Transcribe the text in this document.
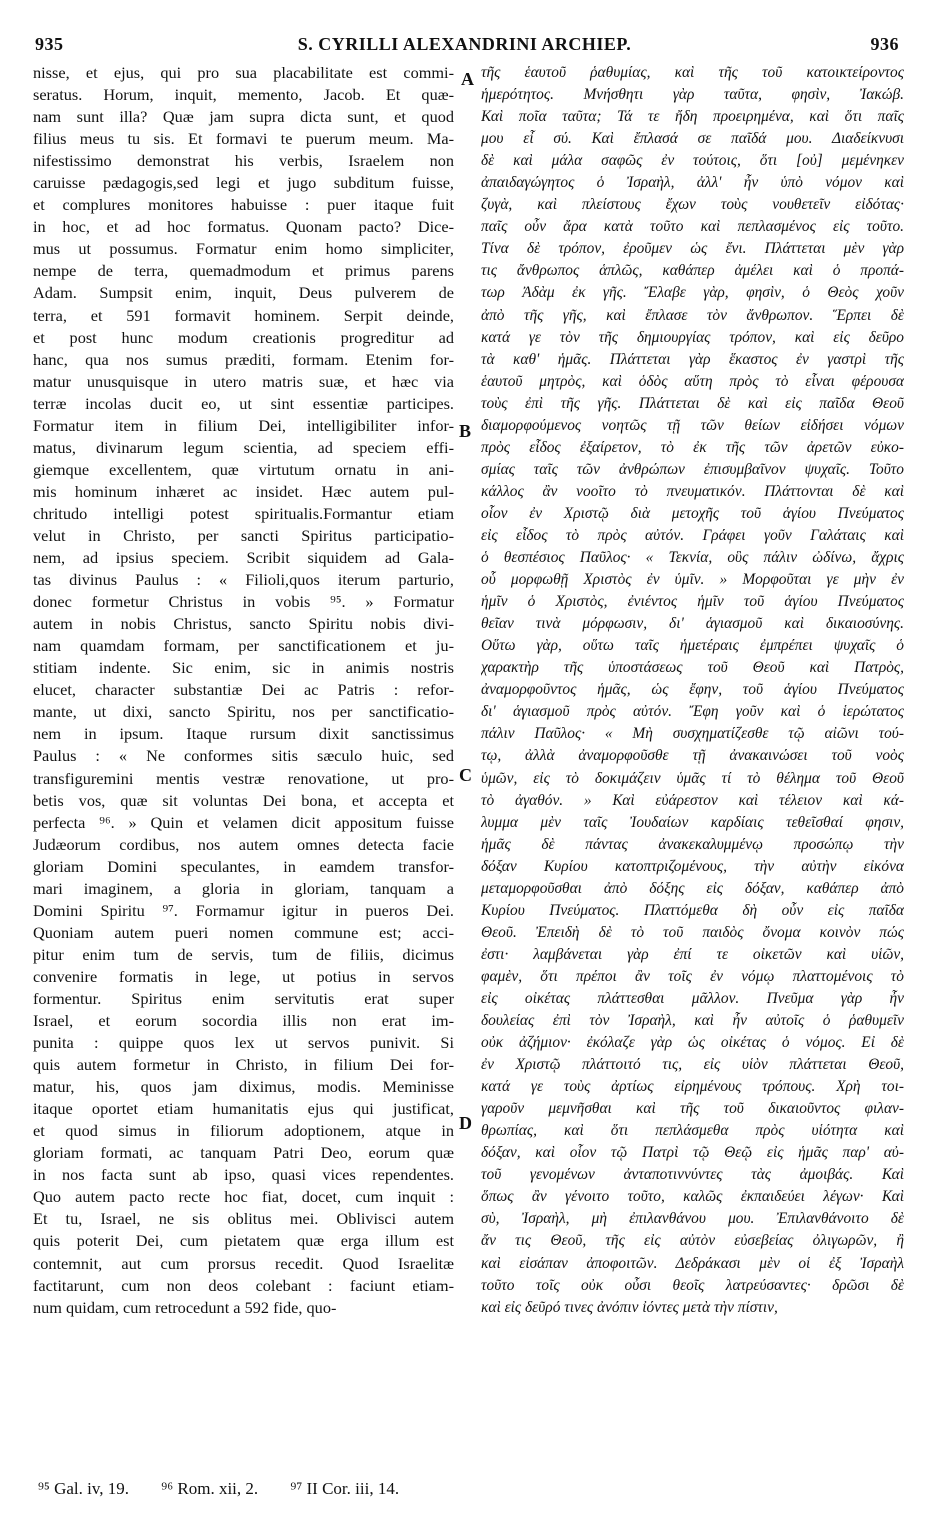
935	S. CYRILLI ALEXANDRINI ARCHIEP.	936
nisse, et ejus, qui pro sua placabilitate est commi-
seratus. Horum, inquit, memento, Jacob. Et quæ-
nam sunt illa? Quæ jam supra dicta sunt, et quod
filius meus tu sis. Et formavi te puerum meum. Ma-
nifestissimo demonstrat his verbis, Israelem non
caruisse pædagogis,sed legi et jugo subditum fuisse,
et complures monitores habuisse : puer itaque fuit
in hoc, et ad hoc formatus. Quonam pacto? Dice-
mus ut possumus. Formatur enim homo simpliciter,
nempe de terra, quemadmodum et primus parens
Adam. Sumpsit enim, inquit, Deus pulverem de
terra, et 591 formavit hominem. Serpit deinde,
et post hunc modum creationis progreditur ad
hanc, qua nos sumus præditi, formam. Etenim for-
matur unusquisque in utero matris suæ, et hæc via
terræ incolas ducit eo, ut sint essentiæ participes.
Formatur item in filium Dei, intelligibiliter infor-
matus, divinarum legum scientia, ad speciem effi-
giemque excellentem, quæ virtutum ornatu in ani-
mis hominum inhæret ac insidet. Hæc autem pul-
chritudo intelligi potest spiritualis.Formantur etiam
velut in Christo, per sancti Spiritus participatio-
nem, ad ipsius speciem. Scribit siquidem ad Gala-
tas divinus Paulus : « Filioli,quos iterum parturio,
donec formetur Christus in vobis ⁹⁵. » Formatur
autem in nobis Christus, sancto Spiritu nobis divi-
nam quamdam formam, per sanctificationem et ju-
stitiam indente. Sic enim, sic in animis nostris
elucet, character substantiæ Dei ac Patris : refor-
mante, ut dixi, sancto Spiritu, nos per sanctificatio-
nem in ipsum. Itaque rursum dixit sanctissimus
Paulus : « Ne conformes sitis sæculo huic, sed
transfiguremini mentis vestræ renovatione, ut pro-
betis vos, quæ sit voluntas Dei bona, et accepta et
perfecta ⁹⁶. » Quin et velamen dicit appositum fuisse
Judæorum cordibus, nos autem omnes detecta facie
gloriam Domini speculantes, in eamdem transfor-
mari imaginem, a gloria in gloriam, tanquam a
Domini Spiritu ⁹⁷. Formamur igitur in pueros Dei.
Quoniam autem pueri nomen commune est; acci-
pitur enim tum de servis, tum de filiis, dicimus
convenire formatis in lege, ut potius in servos
formentur. Spiritus enim servitutis erat super
Israel, et eorum socordia illis non erat im-
punita : quippe quos lex ut servos punivit. Si
quis autem formetur in Christo, in filium Dei for-
matur, his, quos jam diximus, modis. Meminisse
itaque oportet etiam humanitatis ejus qui justificat,
et quod simus in filiorum adoptionem, atque in
gloriam formati, ac tanquam Patri Deo, eorum quæ
in nos facta sunt ab ipso, quasi vices rependentes.
Quo autem pacto recte hoc fiat, docet, cum inquit :
Et tu, Israel, ne sis oblitus mei. Oblivisci autem
quis poterit Dei, cum pietatem quæ erga illum est
contemnit, aut cum prorsus recedit. Quod Israelitæ
factitarunt, cum non deos colebant : faciunt etiam-
num quidam, cum retrocedunt a 592 fide, quo-
τῆς ἑαυτοῦ ῥαθυμίας, καὶ τῆς τοῦ κατοικτείροντος
ἡμερότητος. Μνήσθητι γὰρ ταῦτα, φησὶν, Ἰακώβ.
Καὶ ποῖα ταῦτα; Τά τε ἤδη προειρημένα, καὶ ὅτι παῖς
μου εἶ σύ. Καὶ ἔπλασά σε παῖδά μου. Διαδείκνυσι
δὲ καὶ μάλα σαφῶς ἐν τούτοις, ὅτι [οὐ] μεμένηκεν
ἀπαιδαγώγητος ὁ Ἰσραὴλ, ἀλλ' ἦν ὑπὸ νόμον καὶ
ζυγὰ, καὶ πλείστους ἔχων τοὺς νουθετεῖν εἰδότας·
παῖς οὖν ἄρα κατὰ τοῦτο καὶ πεπλασμένος εἰς τοῦτο.
Τίνα δὲ τρόπον, ἐροῦμεν ὡς ἔνι. Πλάττεται μὲν γὰρ
τις ἄνθρωπος ἁπλῶς, καθάπερ ἀμέλει καὶ ὁ προπά-
τωρ Ἀδὰμ ἐκ γῆς. Ἔλαβε γὰρ, φησὶν, ὁ Θεὸς χοῦν
ἀπὸ τῆς γῆς, καὶ ἔπλασε τὸν ἄνθρωπον. Ἕρπει δὲ
κατά γε τὸν τῆς δημιουργίας τρόπον, καὶ εἰς δεῦρο
τὰ καθ' ἡμᾶς. Πλάττεται γὰρ ἕκαστος ἐν γαστρὶ τῆς
ἑαυτοῦ μητρὸς, καὶ ὁδὸς αὕτη πρὸς τὸ εἶναι φέρουσα
τοὺς ἐπὶ τῆς γῆς. Πλάττεται δὲ καὶ εἰς παῖδα Θεοῦ
διαμορφούμενος νοητῶς τῇ τῶν θείων εἰδήσει νόμων
πρὸς εἶδος ἐξαίρετον, τὸ ἐκ τῆς τῶν ἀρετῶν εὐκο-
σμίας ταῖς τῶν ἀνθρώπων ἐπισυμβαῖνον ψυχαῖς. Τοῦτο
κάλλος ἂν νοοῖτο τὸ πνευματικόν. Πλάττονται δὲ καὶ
οἷον ἐν Χριστῷ διὰ μετοχῆς τοῦ ἁγίου Πνεύματος
εἰς εἶδος τὸ πρὸς αὐτόν. Γράφει γοῦν Γαλάταις καὶ
ὁ θεσπέσιος Παῦλος· « Τεκνία, οὓς πάλιν ὠδίνω, ἄχρις
οὗ μορφωθῇ Χριστὸς ἐν ὑμῖν. » Μορφοῦται γε μὴν ἐν
ἡμῖν ὁ Χριστὸς, ἐνιέντος ἡμῖν τοῦ ἁγίου Πνεύματος
θεῖαν τινὰ μόρφωσιν, δι' ἁγιασμοῦ καὶ δικαιοσύνης.
Οὕτω γὰρ, οὕτω ταῖς ἡμετέραις ἐμπρέπει ψυχαῖς ὁ
χαρακτὴρ τῆς ὑποστάσεως τοῦ Θεοῦ καὶ Πατρὸς,
ἀναμορφοῦντος ἡμᾶς, ὡς ἔφην, τοῦ ἁγίου Πνεύματος
δι' ἁγιασμοῦ πρὸς αὐτόν. Ἔφη γοῦν καὶ ὁ ἱερώτατος
πάλιν Παῦλος· « Μὴ συσχηματίζεσθε τῷ αἰῶνι τού-
τῳ, ἀλλὰ ἀναμορφοῦσθε τῇ ἀνακαινώσει τοῦ νοὸς
ὑμῶν, εἰς τὸ δοκιμάζειν ὑμᾶς τί τὸ θέλημα τοῦ Θεοῦ
τὸ ἀγαθόν. » Καὶ εὐάρεστον καὶ τέλειον καὶ κά-
λυμμα μὲν ταῖς Ἰουδαίων καρδίαις τεθεῖσθαί φησιν,
ἡμᾶς δὲ πάντας ἀνακεκαλυμμένῳ προσώπῳ τὴν
δόξαν Κυρίου κατοπτριζομένους, τὴν αὐτὴν εἰκόνα
μεταμορφοῦσθαι ἀπὸ δόξης εἰς δόξαν, καθάπερ ἀπὸ
Κυρίου Πνεύματος. Πλαττόμεθα δὴ οὖν εἰς παῖδα
Θεοῦ. Ἐπειδὴ δὲ τὸ τοῦ παιδὸς ὄνομα κοινὸν πώς
ἐστι· λαμβάνεται γὰρ ἐπί τε οἰκετῶν καὶ υἱῶν,
φαμὲν, ὅτι πρέποι ἂν τοῖς ἐν νόμῳ πλαττομένοις τὸ
εἰς οἰκέτας πλάττεσθαι μᾶλλον. Πνεῦμα γὰρ ἦν
δουλείας ἐπὶ τὸν Ἰσραὴλ, καὶ ἦν αὐτοῖς ὁ ῥαθυμεῖν
οὐκ ἀζήμιον· ἐκόλαζε γὰρ ὡς οἰκέτας ὁ νόμος. Εἰ δὲ
ἐν Χριστῷ πλάττοιτό τις, εἰς υἱὸν πλάττεται Θεοῦ,
κατά γε τοὺς ἀρτίως εἰρημένους τρόπους. Χρὴ τοι-
γαροῦν μεμνῆσθαι καὶ τῆς τοῦ δικαιοῦντος φιλαν-
θρωπίας, καὶ ὅτι πεπλάσμεθα πρὸς υἱότητα καὶ
δόξαν, καὶ οἷον τῷ Πατρὶ τῷ Θεῷ εἰς ἡμᾶς παρ' αὐ-
τοῦ γενομένων ἀνταποτιννύντες τὰς ἀμοιβάς. Καὶ
ὅπως ἂν γένοιτο τοῦτο, καλῶς ἐκπαιδεύει λέγων· Καὶ
σὺ, Ἰσραὴλ, μὴ ἐπιλανθάνου μου. Ἐπιλανθάνοιτο δὲ
ἄν τις Θεοῦ, τῆς εἰς αὐτὸν εὐσεβείας ὀλιγωρῶν, ἢ
καὶ εἰσάπαν ἀποφοιτῶν. Δεδράκασι μὲν οἱ ἐξ Ἰσραὴλ
τοῦτο τοῖς οὐκ οὖσι θεοῖς λατρεύσαντες· δρῶσι δὲ
καὶ εἰς δεῦρό τινες ἀνόπιν ἰόντες μετὰ τὴν πίστιν,
A
B
C
D
⁹⁵ Gal. iv, 19. ⁹⁶ Rom. xii, 2. ⁹⁷ II Cor. iii, 14.
